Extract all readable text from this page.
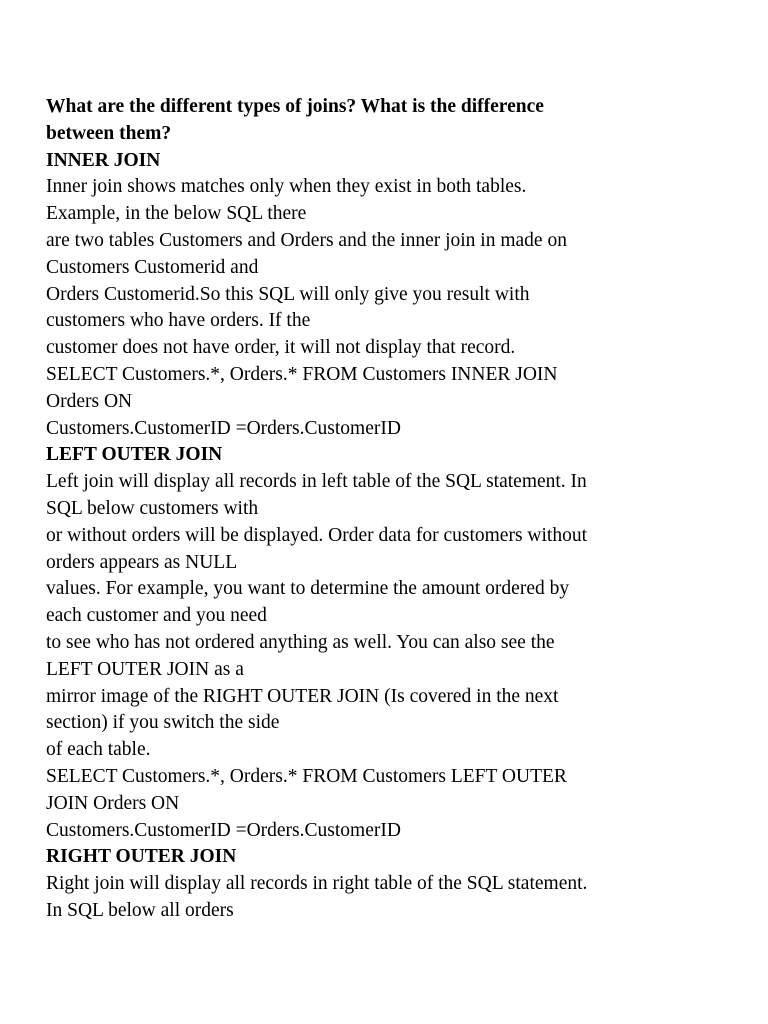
What are the different types of joins? What is the difference
between them?
INNER JOIN
Inner join shows matches only when they exist in both tables.
Example, in the below SQL there
are two tables Customers and Orders and the inner join in made on
Customers Customerid and
Orders Customerid.So this SQL will only give you result with
customers who have orders. If the
customer does not have order, it will not display that record.
SELECT Customers.*, Orders.* FROM Customers INNER JOIN
Orders ON
Customers.CustomerID =Orders.CustomerID
LEFT OUTER JOIN
Left join will display all records in left table of the SQL statement. In
SQL below customers with
or without orders will be displayed. Order data for customers without
orders appears as NULL
values. For example, you want to determine the amount ordered by
each customer and you need
to see who has not ordered anything as well. You can also see the
LEFT OUTER JOIN as a
mirror image of the RIGHT OUTER JOIN (Is covered in the next
section) if you switch the side
of each table.
SELECT Customers.*, Orders.* FROM Customers LEFT OUTER
JOIN Orders ON
Customers.CustomerID =Orders.CustomerID
RIGHT OUTER JOIN
Right join will display all records in right table of the SQL statement.
In SQL below all orders
